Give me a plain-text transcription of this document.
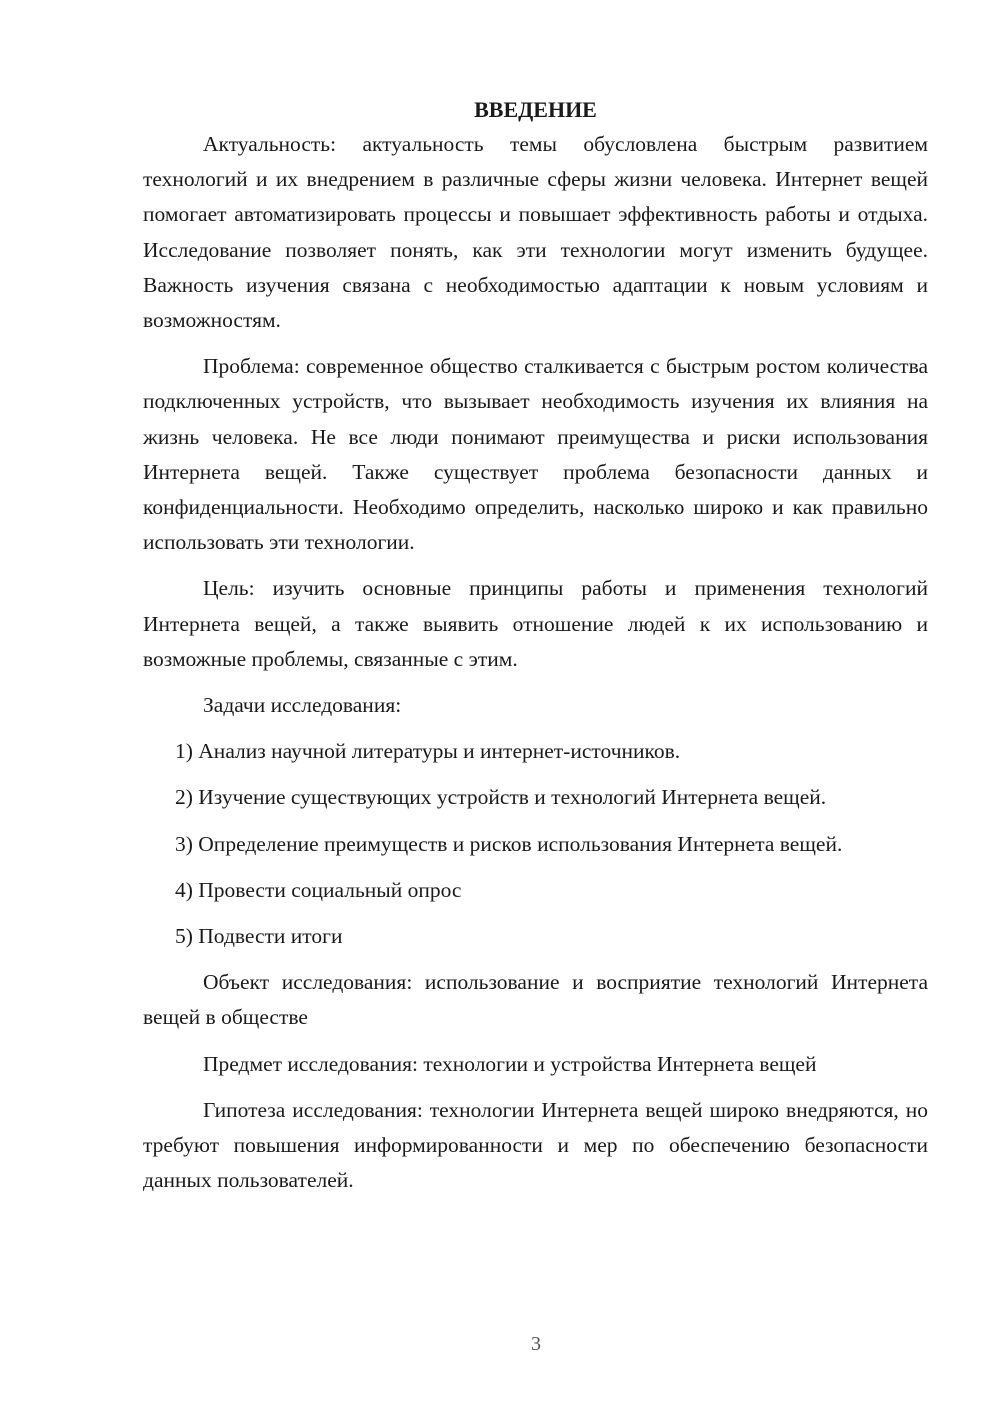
ВВЕДЕНИЕ

Актуальность: актуальность темы обусловлена быстрым развитием технологий и их внедрением в различные сферы жизни человека. Интернет вещей помогает автоматизировать процессы и повышает эффективность работы и отдыха. Исследование позволяет понять, как эти технологии могут изменить будущее. Важность изучения связана с необходимостью адаптации к новым условиям и возможностям.

Проблема: современное общество сталкивается с быстрым ростом количества подключенных устройств, что вызывает необходимость изучения их влияния на жизнь человека. Не все люди понимают преимущества и риски использования Интернета вещей. Также существует проблема безопасности данных и конфиденциальности. Необходимо определить, насколько широко и как правильно использовать эти технологии.

Цель: изучить основные принципы работы и применения технологий Интернета вещей, а также выявить отношение людей к их использованию и возможные проблемы, связанные с этим.

Задачи исследования:

1) Анализ научной литературы и интернет-источников.

2) Изучение существующих устройств и технологий Интернета вещей.

3) Определение преимуществ и рисков использования Интернета вещей.

4) Провести социальный опрос

5) Подвести итоги

Объект исследования: использование и восприятие технологий Интернета вещей в обществе

Предмет исследования: технологии и устройства Интернета вещей

Гипотеза исследования: технологии Интернета вещей широко внедряются, но требуют повышения информированности и мер по обеспечению безопасности данных пользователей.

3
